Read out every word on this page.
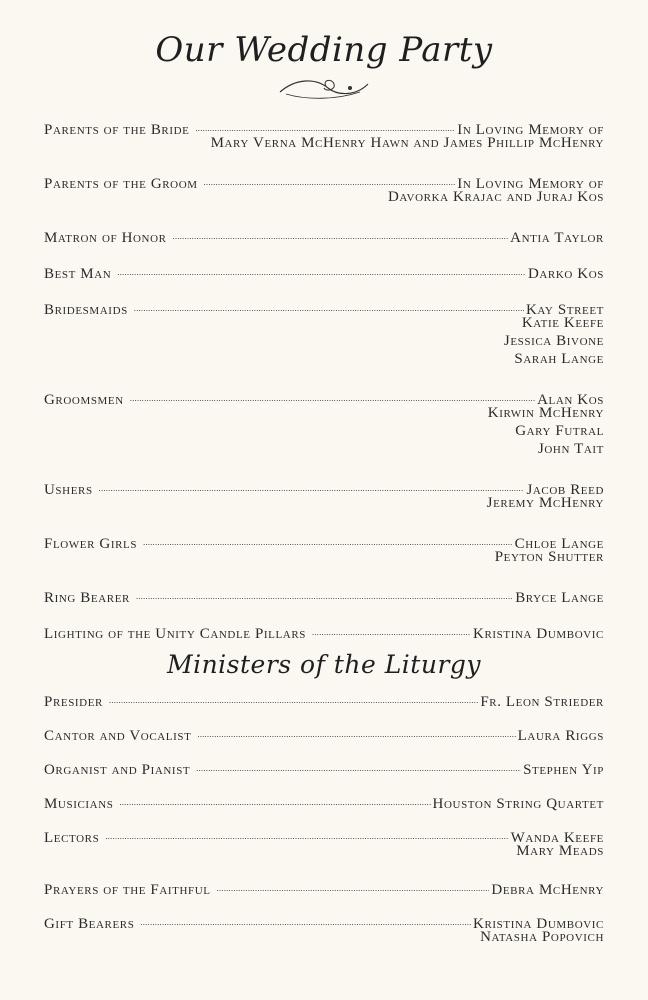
Our Wedding Party
Parents of the Bride .....	In Loving Memory of
Mary Verna McHenry Hawn and James Phillip McHenry
Parents of the Groom .....	In Loving Memory of
Davorka Krajac and Juraj Kos
Matron of Honor .....	Antia Taylor
Best Man .....	Darko Kos
Bridesmaids .....	Kay Street
Katie Keefe
Jessica Bivone
Sarah Lange
Groomsmen .....	Alan Kos
Kirwin McHenry
Gary Futral
John Tait
Ushers .....	Jacob Reed
Jeremy McHenry
Flower Girls .....	Chloe Lange
Peyton Shutter
Ring Bearer .....	Bryce Lange
Lighting of the Unity Candle Pillars .....	Kristina Dumbovic
Ministers of the Liturgy
Presider .....	Fr. Leon Strieder
Cantor and Vocalist .....	Laura Riggs
Organist and Pianist .....	Stephen Yip
Musicians .....	Houston String Quartet
Lectors .....	Wanda Keefe
Mary Meads
Prayers of the Faithful .....	Debra McHenry
Gift Bearers .....	Kristina Dumbovic
Natasha Popovich
